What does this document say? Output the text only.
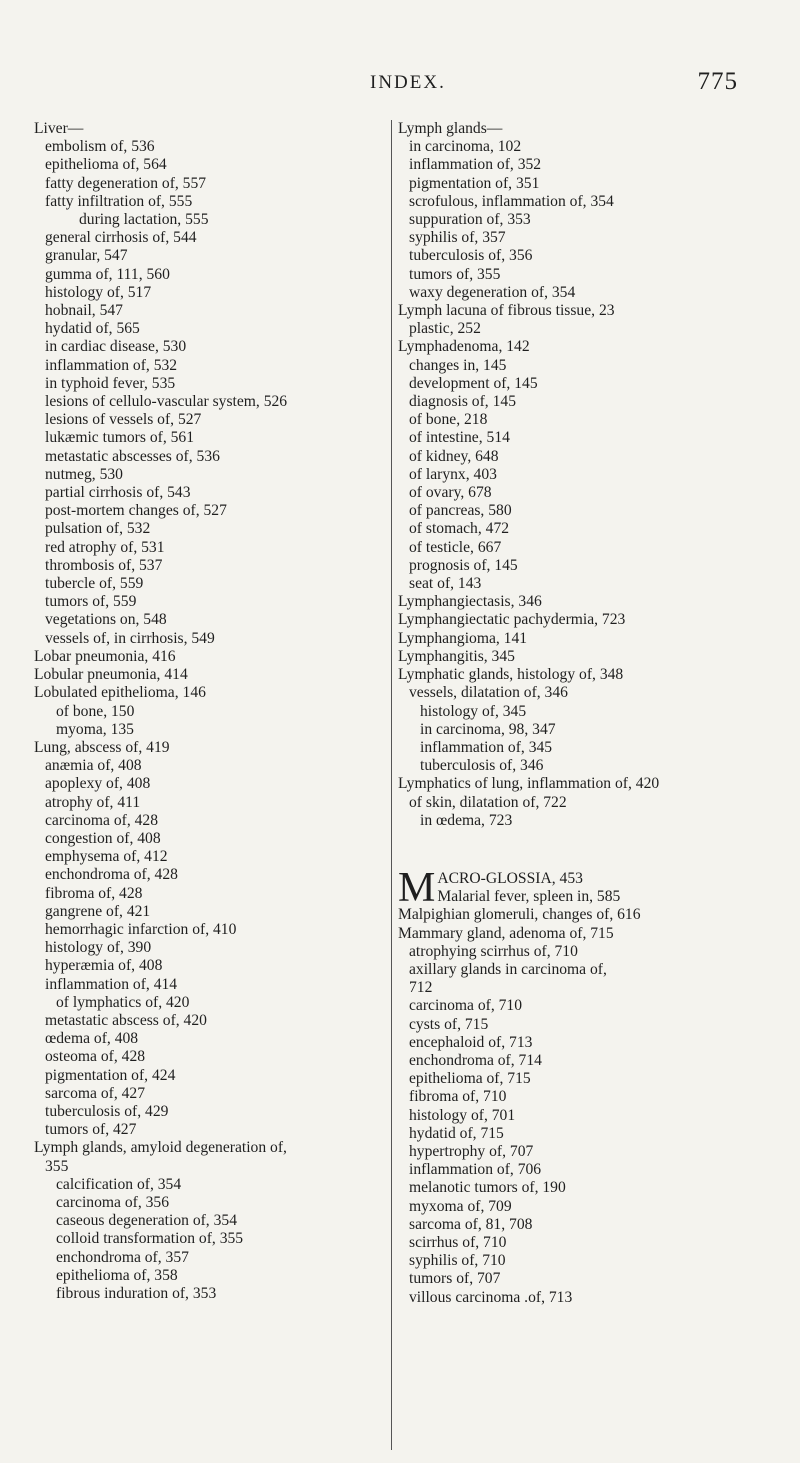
INDEX.	775
Liver—
embolism of, 536
epithelioma of, 564
fatty degeneration of, 557
fatty infiltration of, 555
during lactation, 555
general cirrhosis of, 544
granular, 547
gumma of, 111, 560
histology of, 517
hobnail, 547
hydatid of, 565
in cardiac disease, 530
inflammation of, 532
in typhoid fever, 535
lesions of cellulo-vascular system, 526
lesions of vessels of, 527
lukæmic tumors of, 561
metastatic abscesses of, 536
nutmeg, 530
partial cirrhosis of, 543
post-mortem changes of, 527
pulsation of, 532
red atrophy of, 531
thrombosis of, 537
tubercle of, 559
tumors of, 559
vegetations on, 548
vessels of, in cirrhosis, 549
Lobar pneumonia, 416
Lobular pneumonia, 414
Lobulated epithelioma, 146
of bone, 150
myoma, 135
Lung, abscess of, 419
anæmia of, 408
apoplexy of, 408
atrophy of, 411
carcinoma of, 428
congestion of, 408
emphysema of, 412
enchondroma of, 428
fibroma of, 428
gangrene of, 421
hemorrhagic infarction of, 410
histology of, 390
hyperæmia of, 408
inflammation of, 414
of lymphatics of, 420
metastatic abscess of, 420
œdema of, 408
osteoma of, 428
pigmentation of, 424
sarcoma of, 427
tuberculosis of, 429
tumors of, 427
Lymph glands, amyloid degeneration of,
355
calcification of, 354
carcinoma of, 356
caseous degeneration of, 354
colloid transformation of, 355
enchondroma of, 357
epithelioma of, 358
fibrous induration of, 353
Lymph glands—
in carcinoma, 102
inflammation of, 352
pigmentation of, 351
scrofulous, inflammation of, 354
suppuration of, 353
syphilis of, 357
tuberculosis of, 356
tumors of, 355
waxy degeneration of, 354
Lymph lacuna of fibrous tissue, 23
plastic, 252
Lymphadenoma, 142
changes in, 145
development of, 145
diagnosis of, 145
of bone, 218
of intestine, 514
of kidney, 648
of larynx, 403
of ovary, 678
of pancreas, 580
of stomach, 472
of testicle, 667
prognosis of, 145
seat of, 143
Lymphangiectasis, 346
Lymphangiectatic pachydermia, 723
Lymphangioma, 141
Lymphangitis, 345
Lymphatic glands, histology of, 348
vessels, dilatation of, 346
histology of, 345
in carcinoma, 98, 347
inflammation of, 345
tuberculosis of, 346
Lymphatics of lung, inflammation of, 420
of skin, dilatation of, 722
in œdema, 723
M ACRO-GLOSSIA, 453
Malarial fever, spleen in, 585
Malpighian glomeruli, changes of, 616
Mammary gland, adenoma of, 715
atrophying scirrhus of, 710
axillary glands in carcinoma of,
712
carcinoma of, 710
cysts of, 715
encephaloid of, 713
enchondroma of, 714
epithelioma of, 715
fibroma of, 710
histology of, 701
hydatid of, 715
hypertrophy of, 707
inflammation of, 706
melanotic tumors of, 190
myxoma of, 709
sarcoma of, 81, 708
scirrhus of, 710
syphilis of, 710
tumors of, 707
villous carcinoma .of, 713
